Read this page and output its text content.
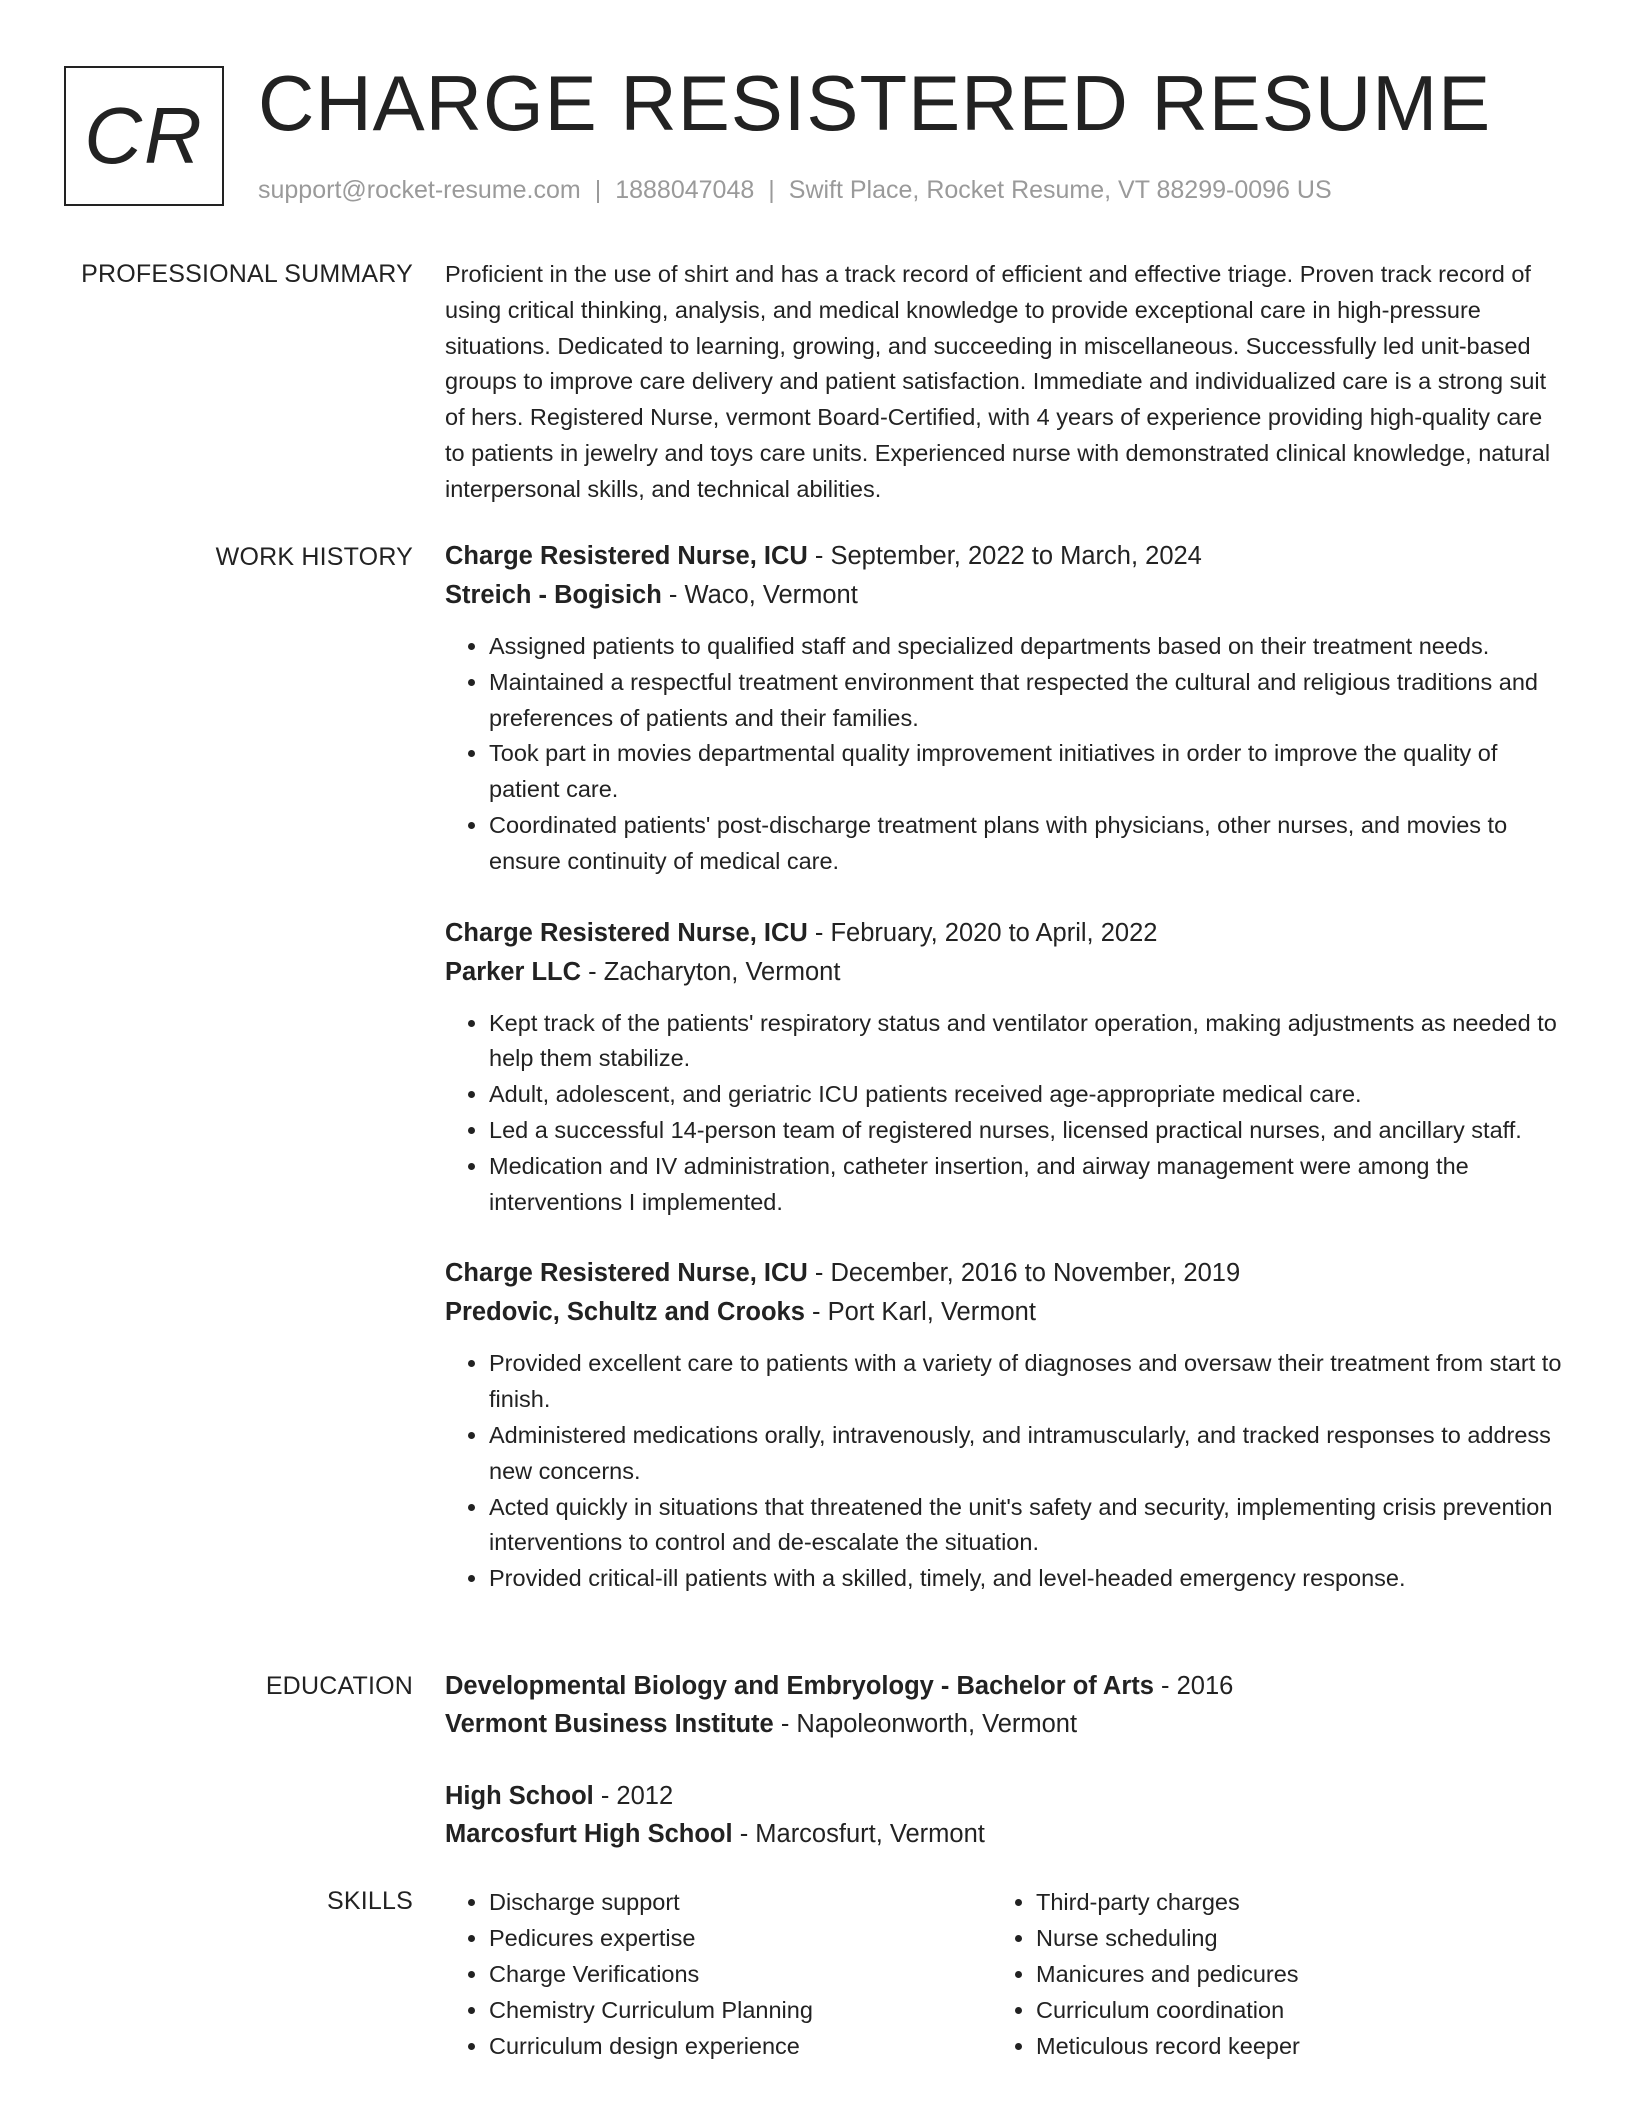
CR CHARGE RESISTERED RESUME
support@rocket-resume.com | 1888047048 | Swift Place, Rocket Resume, VT 88299-0096 US
PROFESSIONAL SUMMARY Proficient in the use of shirt and has a track record of efficient and effective triage. Proven track record of using critical thinking, analysis, and medical knowledge to provide exceptional care in high-pressure situations. Dedicated to learning, growing, and succeeding in miscellaneous. Successfully led unit-based groups to improve care delivery and patient satisfaction. Immediate and individualized care is a strong suit of hers. Registered Nurse, vermont Board-Certified, with 4 years of experience providing high-quality care to patients in jewelry and toys care units. Experienced nurse with demonstrated clinical knowledge, natural interpersonal skills, and technical abilities.

WORK HISTORY Charge Resistered Nurse, ICU - September, 2022 to March, 2024
Streich - Bogisich - Waco, Vermont
• Assigned patients to qualified staff and specialized departments based on their treatment needs.
• Maintained a respectful treatment environment that respected the cultural and religious traditions and preferences of patients and their families.
• Took part in movies departmental quality improvement initiatives in order to improve the quality of patient care.
• Coordinated patients' post-discharge treatment plans with physicians, other nurses, and movies to ensure continuity of medical care.
Charge Resistered Nurse, ICU - February, 2020 to April, 2022
Parker LLC - Zacharyton, Vermont
• Kept track of the patients' respiratory status and ventilator operation, making adjustments as needed to help them stabilize.
• Adult, adolescent, and geriatric ICU patients received age-appropriate medical care.
• Led a successful 14-person team of registered nurses, licensed practical nurses, and ancillary staff.
• Medication and IV administration, catheter insertion, and airway management were among the interventions I implemented.
Charge Resistered Nurse, ICU - December, 2016 to November, 2019
Predovic, Schultz and Crooks - Port Karl, Vermont
• Provided excellent care to patients with a variety of diagnoses and oversaw their treatment from start to finish.
• Administered medications orally, intravenously, and intramuscularly, and tracked responses to address new concerns.
• Acted quickly in situations that threatened the unit's safety and security, implementing crisis prevention interventions to control and de-escalate the situation.
• Provided critical-ill patients with a skilled, timely, and level-headed emergency response.
EDUCATION Developmental Biology and Embryology - Bachelor of Arts - 2016
Vermont Business Institute - Napoleonworth, Vermont
High School - 2012
Marcosfurt High School - Marcosfurt, Vermont
SKILLS
•	Discharge support
• Pedicures expertise
• Charge Verifications
• Chemistry Curriculum Planning
• Curriculum design experience
• Third-party charges
• Nurse scheduling
• Manicures and pedicures
• Curriculum coordination
• Meticulous record keeper
